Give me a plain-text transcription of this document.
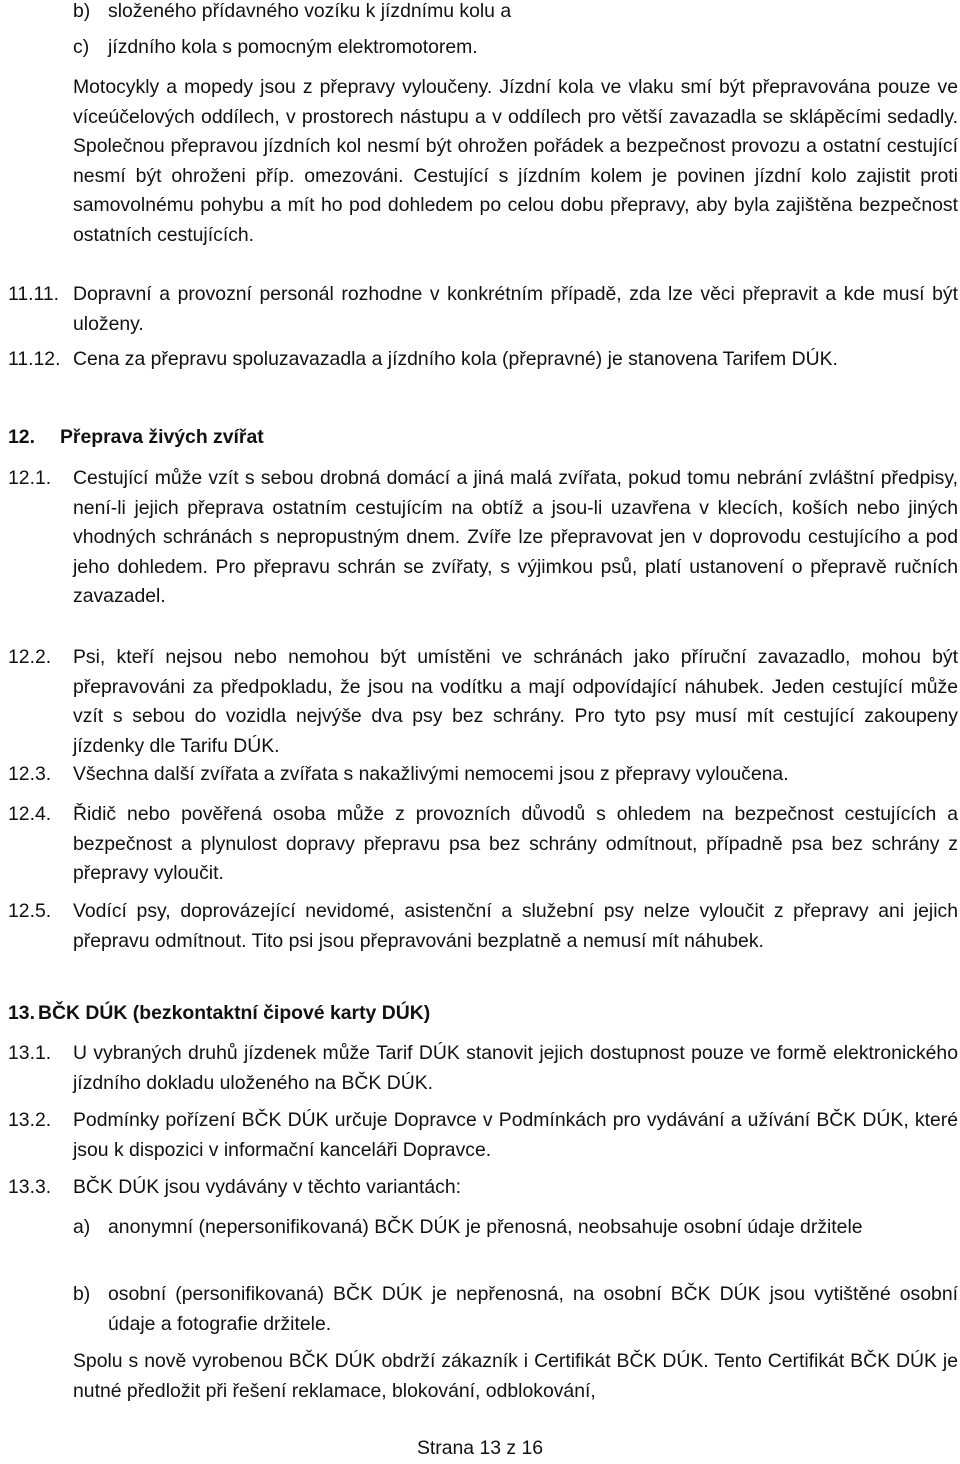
b) složeného přídavného vozíku k jízdnímu kolu a
c) jízdního kola s pomocným elektromotorem.
Motocykly a mopedy jsou z přepravy vyloučeny. Jízdní kola ve vlaku smí být přepravována pouze ve víceúčelových oddílech, v prostorech nástupu a v oddílech pro větší zavazadla se sklápěcími sedadly. Společnou přepravou jízdních kol nesmí být ohrožen pořádek a bezpečnost provozu a ostatní cestující nesmí být ohroženi příp. omezováni. Cestující s jízdním kolem je povinen jízdní kolo zajistit proti samovolnému pohybu a mít ho pod dohledem po celou dobu přepravy, aby byla zajištěna bezpečnost ostatních cestujících.
11.11. Dopravní a provozní personál rozhodne v konkrétním případě, zda lze věci přepravit a kde musí být uloženy.
11.12. Cena za přepravu spoluzavazadla a jízdního kola (přepravné) je stanovena Tarifem DÚK.
12. Přeprava živých zvířat
12.1. Cestující může vzít s sebou drobná domácí a jiná malá zvířata, pokud tomu nebrání zvláštní předpisy, není-li jejich přeprava ostatním cestujícím na obtíž a jsou-li uzavřena v klecích, koších nebo jiných vhodných schránách s nepropustným dnem. Zvíře lze přepravovat jen v doprovodu cestujícího a pod jeho dohledem. Pro přepravu schrán se zvířaty, s výjimkou psů, platí ustanovení o přepravě ručních zavazadel.
12.2. Psi, kteří nejsou nebo nemohou být umístěni ve schránách jako příruční zavazadlo, mohou být přepravováni za předpokladu, že jsou na vodítku a mají odpovídající náhubek. Jeden cestující může vzít s sebou do vozidla nejvýše dva psy bez schrány. Pro tyto psy musí mít cestující zakoupeny jízdenky dle Tarifu DÚK.
12.3. Všechna další zvířata a zvířata s nakažlivými nemocemi jsou z přepravy vyloučena.
12.4. Řidič nebo pověřená osoba může z provozních důvodů s ohledem na bezpečnost cestujících a bezpečnost a plynulost dopravy přepravu psa bez schrány odmítnout, případně psa bez schrány z přepravy vyloučit.
12.5. Vodící psy, doprovázející nevidomé, asistenční a služební psy nelze vyloučit z přepravy ani jejich přepravu odmítnout. Tito psi jsou přepravováni bezplatně a nemusí mít náhubek.
13. BČK DÚK (bezkontaktní čipové karty DÚK)
13.1. U vybraných druhů jízdenek může Tarif DÚK stanovit jejich dostupnost pouze ve formě elektronického jízdního dokladu uloženého na BČK DÚK.
13.2. Podmínky pořízení BČK DÚK určuje Dopravce v Podmínkách pro vydávání a užívání BČK DÚK, které jsou k dispozici v informační kanceláři Dopravce.
13.3. BČK DÚK jsou vydávány v těchto variantách:
a) anonymní (nepersonifikovaná) BČK DÚK je přenosná, neobsahuje osobní údaje držitele
b) osobní (personifikovaná) BČK DÚK je nepřenosná, na osobní BČK DÚK jsou vytištěné osobní údaje a fotografie držitele.
Spolu s nově vyrobenou BČK DÚK obdrží zákazník i Certifikát BČK DÚK. Tento Certifikát BČK DÚK je nutné předložit při řešení reklamace, blokování, odblokování,
Strana 13 z 16
